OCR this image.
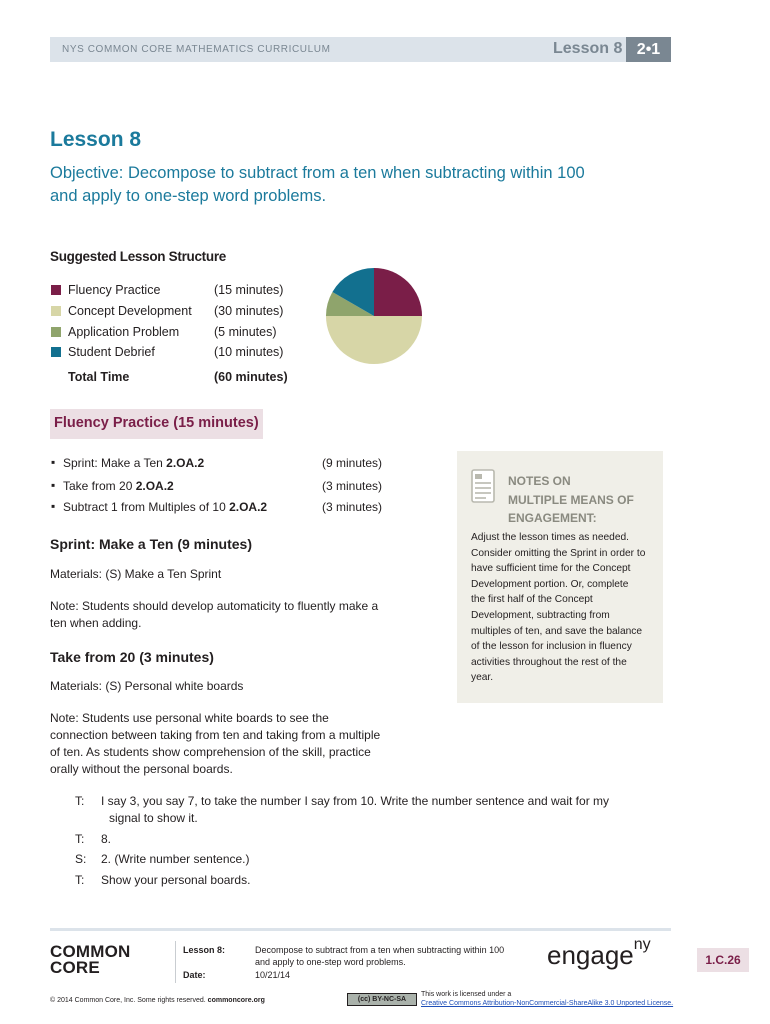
NYS COMMON CORE MATHEMATICS CURRICULUM	Lesson 8 2•1
Lesson 8
Objective: Decompose to subtract from a ten when subtracting within 100
and apply to one-step word problems.
Suggested Lesson Structure
Fluency Practice	(15 minutes)
Concept Development (30 minutes)
Application Problem	(5 minutes)
Student Debrief	(10 minutes)
Total Time	(60 minutes)
Fluency Practice (15 minutes)
▪ Sprint: Make a Ten 2.OA.2	(9 minutes)
▪ Take from 20 2.OA.2	(3 minutes)
▪ Subtract 1 from Multiples of 10 2.OA.2	(3 minutes)
Sprint: Make a Ten (9 minutes)
Materials: (S) Make a Ten Sprint
Note: Students should develop automaticity to fluently make a
ten when adding.
Take from 20 (3 minutes)
Materials: (S) Personal white boards
Note: Students use personal white boards to see the
connection between taking from ten and taking from a multiple
of ten. As students show comprehension of the skill, practice
orally without the personal boards.
T: I say 3, you say 7, to take the number I say from 10. Write the number sentence and wait for my
signal to show it.
T: 8.
S: 2. (Write number sentence.)
T: Show your personal boards.
NOTES ON
MULTIPLE MEANS OF
ENGAGEMENT:
Adjust the lesson times as needed.
Consider omitting the Sprint in order to
have sufficient time for the Concept
Development portion. Or, complete
the first half of the Concept
Development, subtracting from
multiples of ten, and save the balance
of the lesson for inclusion in fluency
activities throughout the rest of the
year.
COMMON
CORE
Lesson 8:	Decompose to subtract from a ten when subtracting within 100
and apply to one-step word problems.
Date:	10/21/14
engage$^{ny}$
1.C.26
© 2014 Common Core, Inc. Some rights reserved. commoncore.org	(cc) BY-NC-SA
This work is licensed under a
Creative Commons Attribution-NonCommercial-ShareAlike 3.0 Unported License.
